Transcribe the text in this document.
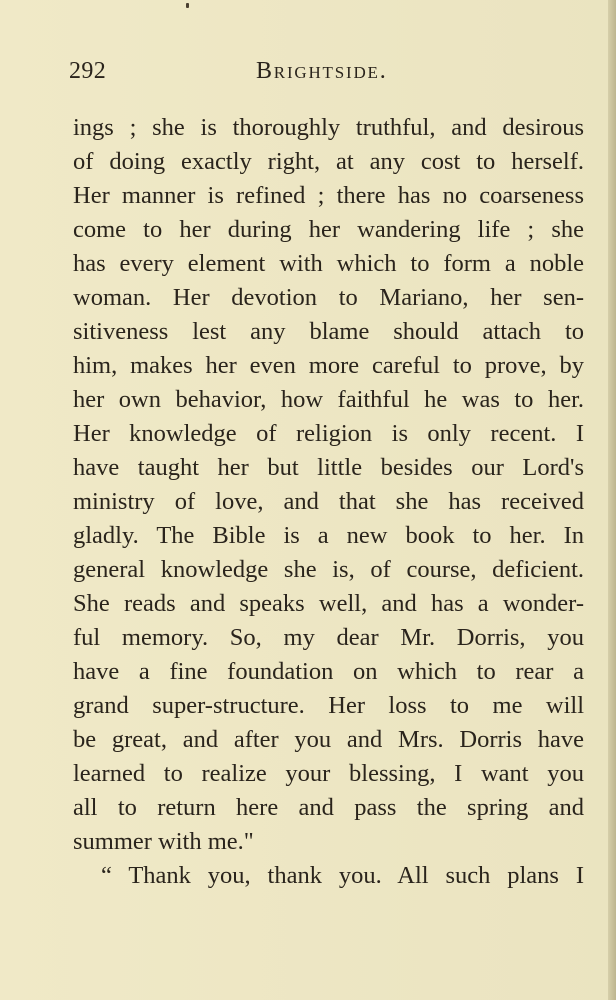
292	Brightside.
ings ; she is thoroughly truthful, and desirous
of doing exactly right, at any cost to herself.
Her manner is refined ; there has no coarseness
come to her during her wandering life ; she
has every element with which to form a noble
woman. Her devotion to Mariano, her sen-
sitiveness lest any blame should attach to
him, makes her even more careful to prove, by
her own behavior, how faithful he was to her.
Her knowledge of religion is only recent. I
have taught her but little besides our Lord's
ministry of love, and that she has received
gladly. The Bible is a new book to her. In
general knowledge she is, of course, deficient.
She reads and speaks well, and has a wonder-
ful memory. So, my dear Mr. Dorris, you
have a fine foundation on which to rear a
grand super-structure. Her loss to me will
be great, and after you and Mrs. Dorris have
learned to realize your blessing, I want you
all to return here and pass the spring and
summer with me."
“ Thank you, thank you. All such plans I
